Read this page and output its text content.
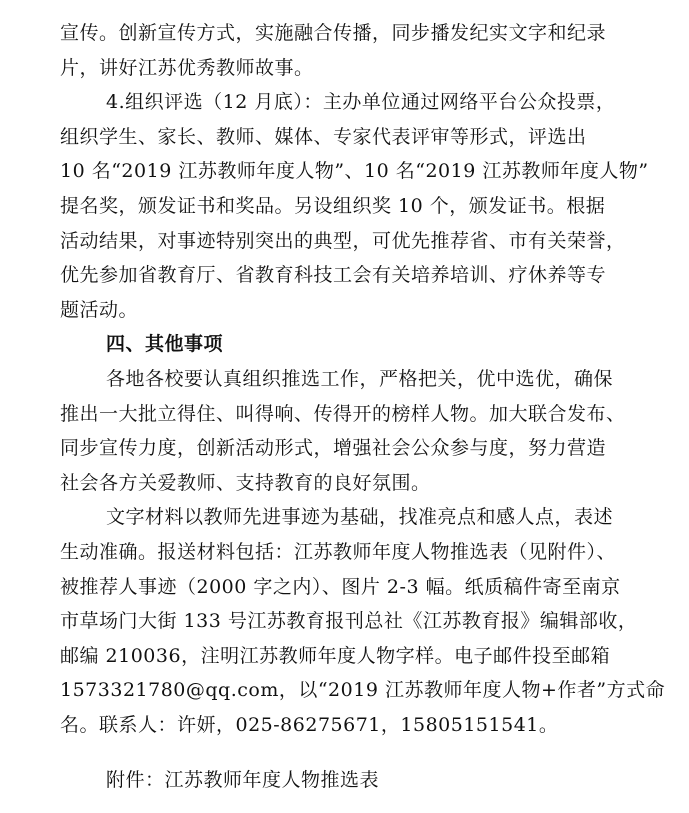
宣传。创新宣传方式，实施融合传播，同步播发纪实文字和纪录
片，讲好江苏优秀教师故事。
4.组织评选（12 月底）：主办单位通过网络平台公众投票，
组织学生、家长、教师、媒体、专家代表评审等形式，评选出
10 名“2019 江苏教师年度人物”、10 名“2019 江苏教师年度人物”
提名奖，颁发证书和奖品。另设组织奖 10 个，颁发证书。根据
活动结果，对事迹特别突出的典型，可优先推荐省、市有关荣誉，
优先参加省教育厅、省教育科技工会有关培养培训、疗休养等专
题活动。
四、其他事项
各地各校要认真组织推选工作，严格把关，优中选优，确保
推出一大批立得住、叫得响、传得开的榜样人物。加大联合发布、
同步宣传力度，创新活动形式，增强社会公众参与度，努力营造
社会各方关爱教师、支持教育的良好氛围。
文字材料以教师先进事迹为基础，找准亮点和感人点，表述
生动准确。报送材料包括：江苏教师年度人物推选表（见附件）、
被推荐人事迹（2000 字之内）、图片 2-3 幅。纸质稿件寄至南京
市草场门大街 133 号江苏教育报刊总社《江苏教育报》编辑部收，
邮编 210036，注明江苏教师年度人物字样。电子邮件投至邮箱
1573321780@qq.com，以“2019 江苏教师年度人物+作者”方式命
名。联系人：许妍，025-86275671，15805151541。
附件：江苏教师年度人物推选表
